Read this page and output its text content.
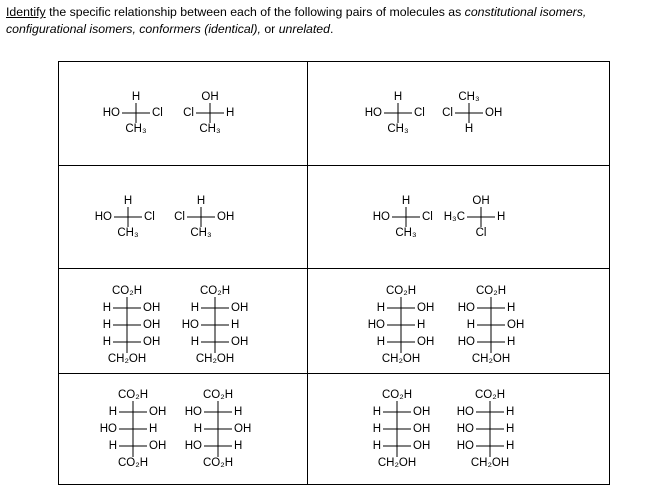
Identify the specific relationship between each of the following pairs of molecules as constitutional isomers,
configurational isomers, conformers (identical), or unrelated.
H
CH₃
HO	Cl
OH
CH₃
Cl	H
H
CH₃
HO	Cl
CH₃
H
Cl	OH
H
CH₃
HO	Cl
H
CH₃
Cl	OH
H
CH₃
HO	Cl
OH
Cl
H₃C	H
CO₂H
CH₂OH
H	OH
H	OH
H	OH
CO₂H
CH₂OH
H	OH
HO	H
H	OH
CO₂H
CH₂OH
H	OH
HO	H
H	OH
CO₂H
CH₂OH
HO	H
H	OH
HO	H
CO₂H
CO₂H
H	OH
HO	H
H	OH
CO₂H
CO₂H
HO	H
H	OH
HO	H
CO₂H
CH₂OH
H	OH
H	OH
H	OH
CO₂H
CH₂OH
HO	H
HO	H
HO	H
